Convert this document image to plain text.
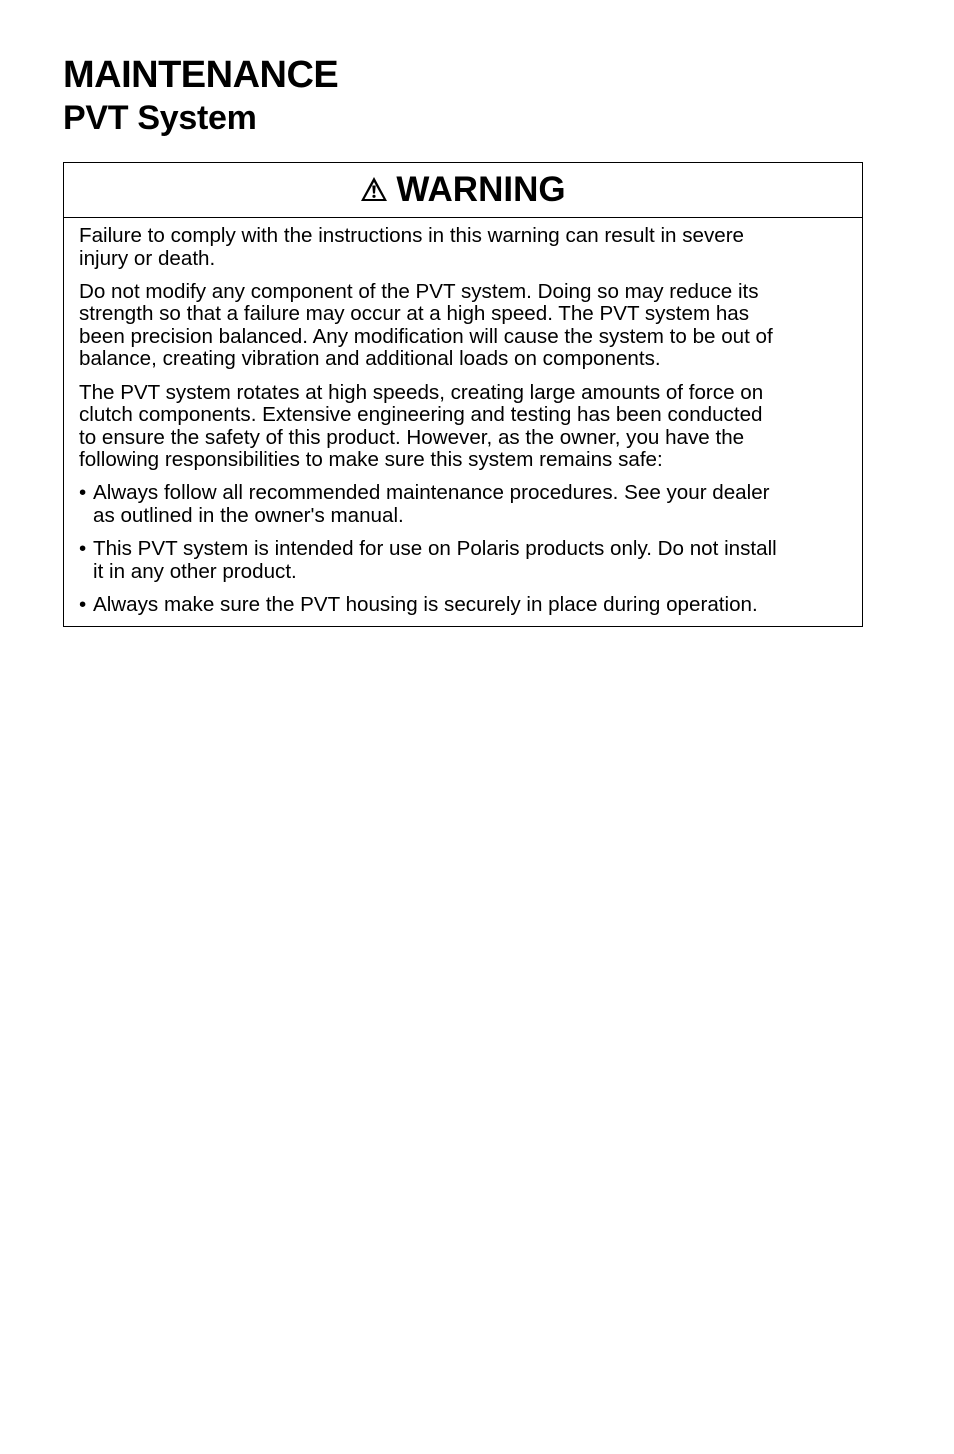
MAINTENANCE
PVT System
WARNING
Failure to comply with the instructions in this warning can result in severe
injury or death.
Do not modify any component of the PVT system. Doing so may reduce its
strength so that a failure may occur at a high speed. The PVT system has
been precision balanced. Any modification will cause the system to be out of
balance, creating vibration and additional loads on components.
The PVT system rotates at high speeds, creating large amounts of force on
clutch components. Extensive engineering and testing has been conducted
to ensure the safety of this product. However, as the owner, you have the
following responsibilities to make sure this system remains safe:
• Always follow all recommended maintenance procedures. See your dealer
as outlined in the owner's manual.
• This PVT system is intended for use on Polaris products only. Do not install
it in any other product.
• Always make sure the PVT housing is securely in place during operation.
